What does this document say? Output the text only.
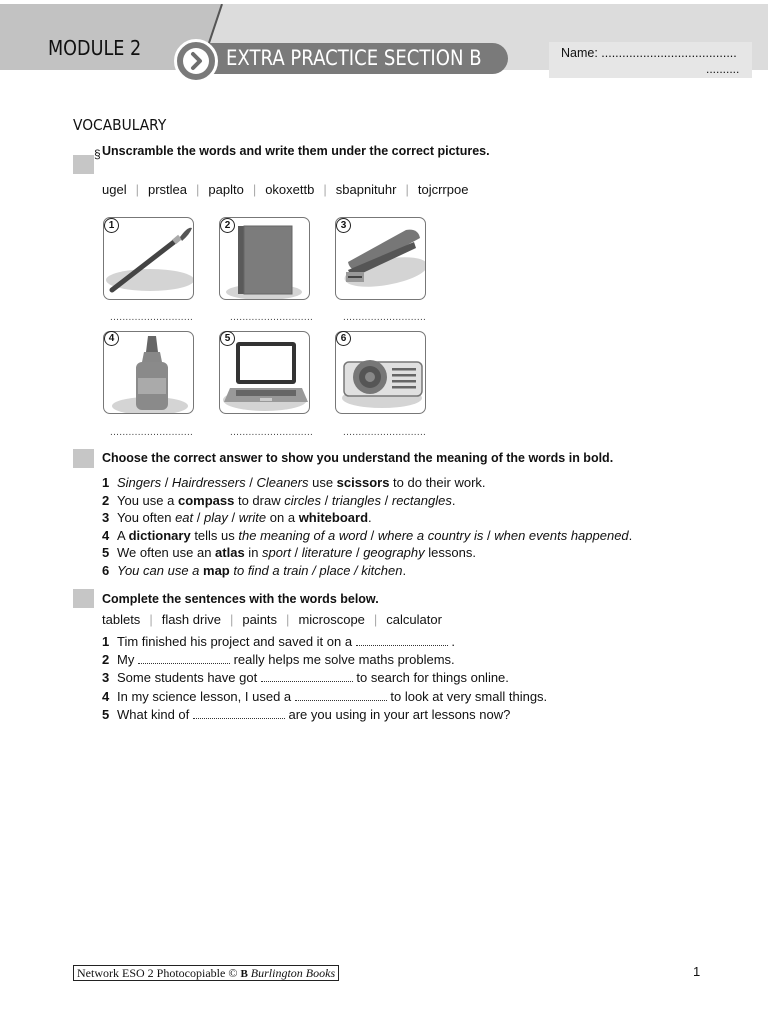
MODULE 2	EXTRA PRACTICE SECTION B	Name: .......................................
..........
VOCABULARY
§ Unscramble the words and write them under the correct pictures.
ugel | prstlea | paplto | okoxettb | sbapnituhr | tojcrrpoe
1
...........................
2
...........................
3
...........................
4
...........................
5
...........................
6
...........................
Choose the correct answer to show you understand the meaning of the words in bold.
1 Singers / Hairdressers / Cleaners use scissors to do their work.
2 You use a compass to draw circles / triangles / rectangles.
3 You often eat / play / write on a whiteboard.
4 A dictionary tells us the meaning of a word / where a country is / when events happened.
5 We often use an atlas in sport / literature / geography lessons.
6 You can use a map to find a train / place / kitchen.
Complete the sentences with the words below.
tablets | flash drive | paints | microscope | calculator
1 Tim finished his project and saved it on a	.
2 My	really helps me solve maths problems.
3 Some students have got	to search for things online.
4 In my science lesson, I used a	to look at very small things.
5 What kind of	are you using in your art lessons now?
Network ESO 2 Photocopiable © B Burlington Books	1
